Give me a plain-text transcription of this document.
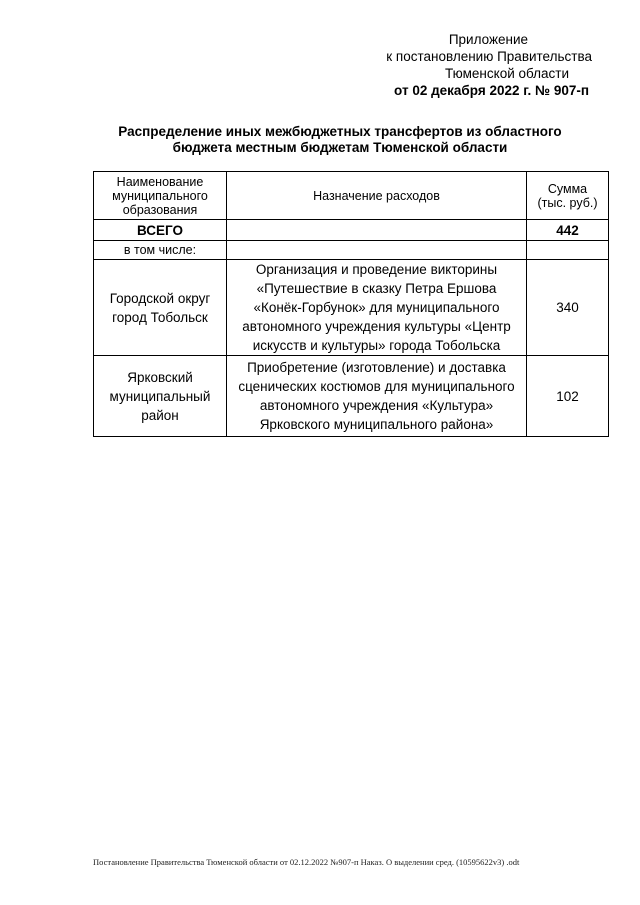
Приложение
к постановлению Правительства
Тюменской области
от 02 декабря 2022 г. № 907-п
Распределение иных межбюджетных трансфертов из областного
бюджета местным бюджетам Тюменской области
Наименование
муниципального
образования	Назначение расходов	Сумма
(тыс. руб.)

ВСЕГО		442
в том числе:		

Городской округ
город Тобольск	Организация и проведение викторины
«Путешествие в сказку Петра Ершова
«Конёк-Горбунок» для муниципального
автономного учреждения культуры «Центр
искусств и культуры» города Тобольска	340

Ярковский
муниципальный
район	Приобретение (изготовление) и доставка
сценических костюмов для муниципального
автономного учреждения «Культура»
Ярковского муниципального района»	102
Постановление Правительства Тюменской области от 02.12.2022 №907-п Наказ. О выделении сред. (10595622v3) .odt
